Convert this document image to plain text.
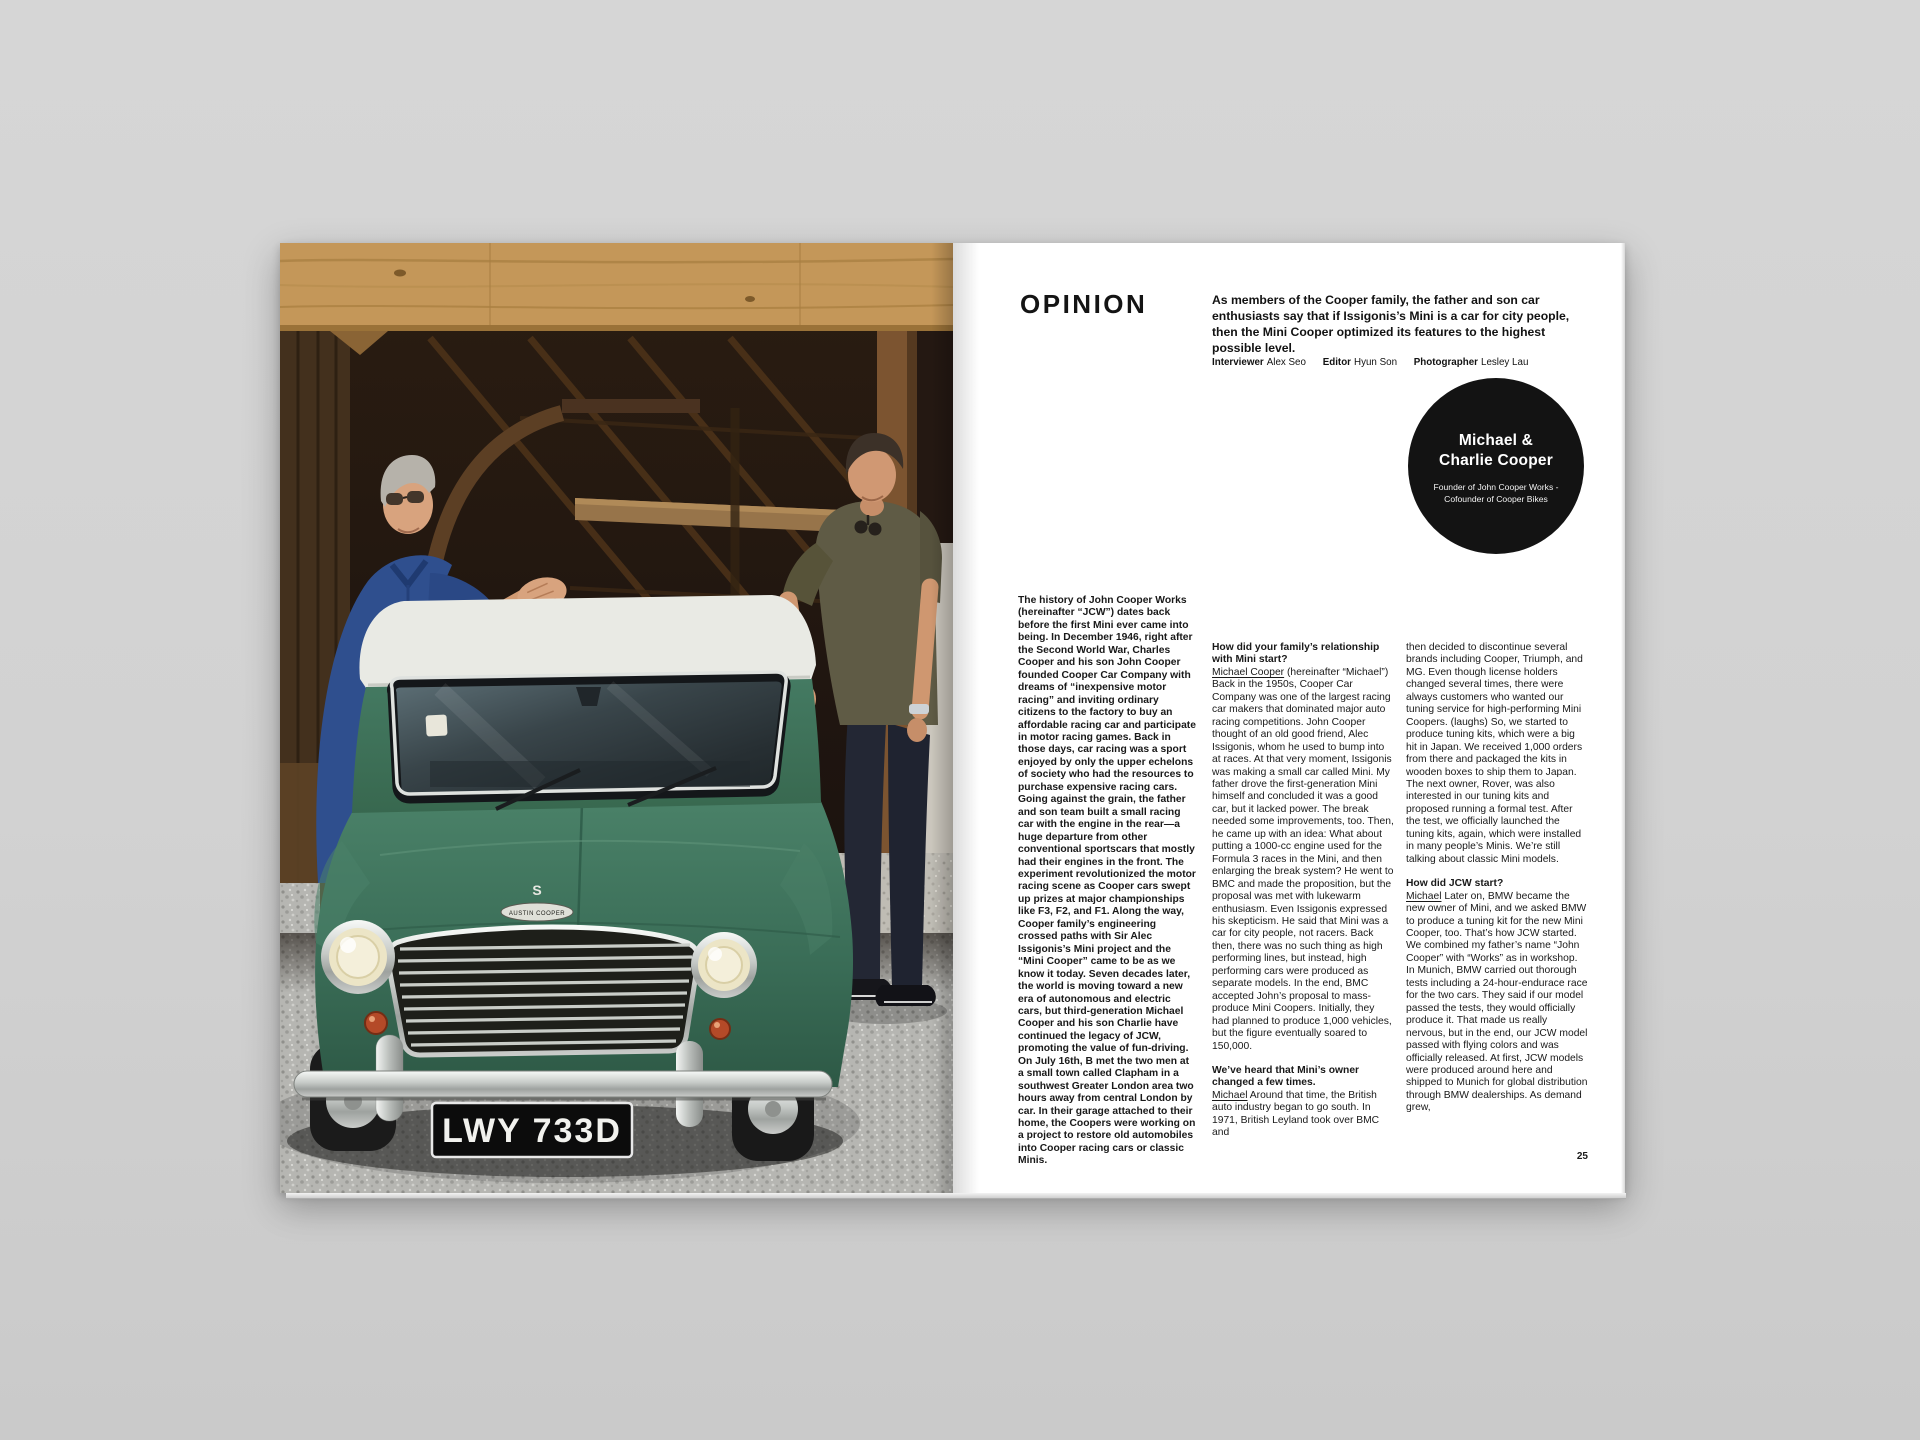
S
AUSTIN COOPER
LWY 733D
OPINION	As members of the Cooper family, the father and son car enthusiasts say that if Issigonis’s Mini is a car for city people, then the Mini Cooper optimized its features to the highest possible level.
Interviewer Alex Seo Editor Hyun Son Photographer Lesley Lau
Michael &
Charlie Cooper
Founder of John Cooper Works -
Cofounder of Cooper Bikes

The history of John Cooper Works (hereinafter “JCW”) dates back before the first Mini ever came into being. In December 1946, right after the Second World War, Charles Cooper and his son John Cooper founded Cooper Car Company with dreams of “inexpensive motor racing” and inviting ordinary citizens to the factory to buy an affordable racing car and participate in motor racing games. Back in those days, car racing was a sport enjoyed by only the upper echelons of society who had the resources to purchase expensive racing cars. Going against the grain, the father and son team built a small racing car with the engine in the rear—a huge departure from other conventional sportscars that mostly had their engines in the front. The experiment revolutionized the motor racing scene as Cooper cars swept up prizes at major championships like F3, F2, and F1. Along the way, Cooper family’s engineering crossed paths with Sir Alec Issigonis’s Mini project and the “Mini Cooper” came to be as we know it today. Seven decades later, the world is moving toward a new era of autonomous and electric cars, but third-generation Michael Cooper and his son Charlie have continued the legacy of JCW, promoting the value of fun-driving. On July 16th, B met the two men at a small town called Clapham in a southwest Greater London area two hours away from central London by car. In their garage attached to their home, the Coopers were working on a project to restore old automobiles into Cooper racing cars or classic Minis.

How did your family’s relationship with Mini start?

Michael Cooper (hereinafter “Michael”) Back in the 1950s, Cooper Car Company was one of the largest racing car makers that dominated major auto racing competitions. John Cooper thought of an old good friend, Alec Issigonis, whom he used to bump into at races. At that very moment, Issigonis was making a small car called Mini. My father drove the first-generation Mini himself and concluded it was a good car, but it lacked power. The break needed some improvements, too. Then, he came up with an idea: What about putting a 1000-cc engine used for the Formula 3 races in the Mini, and then enlarging the break system? He went to BMC and made the proposition, but the proposal was met with lukewarm enthusiasm. Even Issigonis expressed his skepticism. He said that Mini was a car for city people, not racers. Back then, there was no such thing as high performing lines, but instead, high performing cars were produced as separate models. In the end, BMC accepted John’s proposal to mass-produce Mini Coopers. Initially, they had planned to produce 1,000 vehicles, but the figure eventually soared to 150,000.

We’ve heard that Mini’s owner changed a few times.

Michael Around that time, the British auto industry began to go south. In 1971, British Leyland took over BMC and

then decided to discontinue several brands including Cooper, Triumph, and MG. Even though license holders changed several times, there were always customers who wanted our tuning service for high-performing Mini Coopers. (laughs) So, we started to produce tuning kits, which were a big hit in Japan. We received 1,000 orders from there and packaged the kits in wooden boxes to ship them to Japan. The next owner, Rover, was also interested in our tuning kits and proposed running a formal test. After the test, we officially launched the tuning kits, again, which were installed in many people’s Minis. We’re still talking about classic Mini models.

How did JCW start?

Michael Later on, BMW became the new owner of Mini, and we asked BMW to produce a tuning kit for the new Mini Cooper, too. That’s how JCW started. We combined my father’s name “John Cooper” with “Works” as in workshop. In Munich, BMW carried out thorough tests including a 24-hour-endurace race for the two cars. They said if our model passed the tests, they would officially produce it. That made us really nervous, but in the end, our JCW model passed with flying colors and was officially released. At first, JCW models were produced around here and shipped to Munich for global distribution through BMW dealerships. As demand grew,

25
